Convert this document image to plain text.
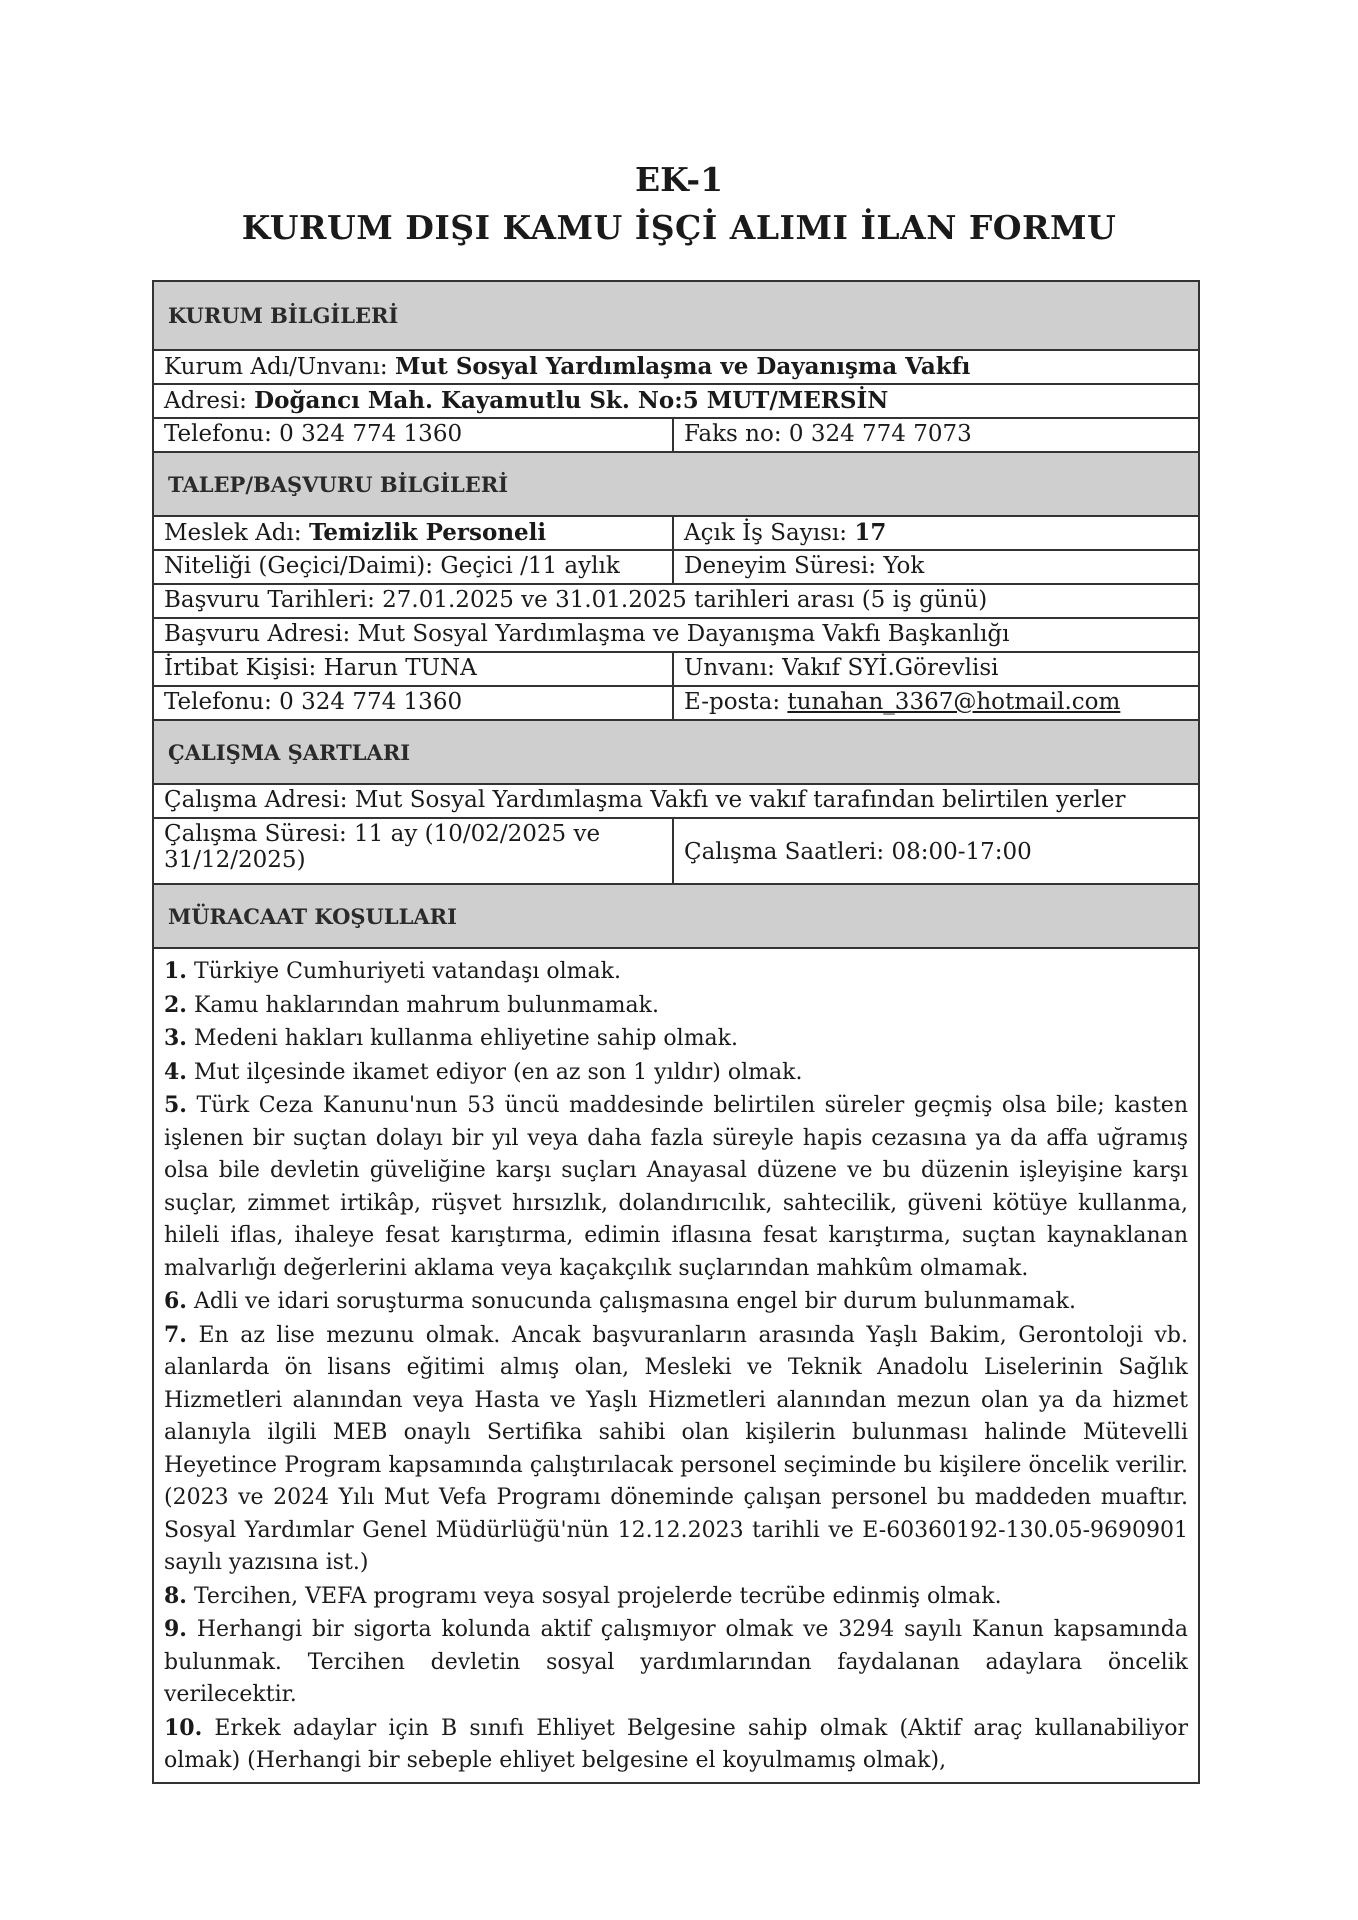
EK-1
KURUM DIŞI KAMU İŞÇİ ALIMI İLAN FORMU
KURUM BİLGİLERİ
Kurum Adı/Unvanı: Mut Sosyal Yardımlaşma ve Dayanışma Vakfı
Adresi: Doğancı Mah. Kayamutlu Sk. No:5 MUT/MERSİN
Telefonu: 0 324 774 1360	Faks no: 0 324 774 7073
TALEP/BAŞVURU BİLGİLERİ
Meslek Adı: Temizlik Personeli	Açık İş Sayısı: 17
Niteliği (Geçici/Daimi): Geçici /11 aylık	Deneyim Süresi: Yok
Başvuru Tarihleri: 27.01.2025 ve 31.01.2025 tarihleri arası (5 iş günü)
Başvuru Adresi: Mut Sosyal Yardımlaşma ve Dayanışma Vakfı Başkanlığı
İrtibat Kişisi: Harun TUNA	Unvanı: Vakıf SYİ.Görevlisi
Telefonu: 0 324 774 1360	E-posta: tunahan_3367@hotmail.com
ÇALIŞMA ŞARTLARI
Çalışma Adresi: Mut Sosyal Yardımlaşma Vakfı ve vakıf tarafından belirtilen yerler
Çalışma Süresi: 11 ay (10/02/2025 ve 31/12/2025)	Çalışma Saatleri: 08:00-17:00
MÜRACAAT KOŞULLARI

1. Türkiye Cumhuriyeti vatandaşı olmak.

2. Kamu haklarından mahrum bulunmamak.

3. Medeni hakları kullanma ehliyetine sahip olmak.

4. Mut ilçesinde ikamet ediyor (en az son 1 yıldır) olmak.

5. Türk Ceza Kanunu'nun 53 üncü maddesinde belirtilen süreler geçmiş olsa bile; kasten işlenen bir suçtan dolayı bir yıl veya daha fazla süreyle hapis cezasına ya da affa uğramış olsa bile devletin güveliğine karşı suçları Anayasal düzene ve bu düzenin işleyişine karşı suçlar, zimmet irtikâp, rüşvet hırsızlık, dolandırıcılık, sahtecilik, güveni kötüye kullanma, hileli iflas, ihaleye fesat karıştırma, edimin iflasına fesat karıştırma, suçtan kaynaklanan malvarlığı değerlerini aklama veya kaçakçılık suçlarından mahkûm olmamak.

6. Adli ve idari soruşturma sonucunda çalışmasına engel bir durum bulunmamak.

7. En az lise mezunu olmak. Ancak başvuranların arasında Yaşlı Bakim, Gerontoloji vb. alanlarda ön lisans eğitimi almış olan, Mesleki ve Teknik Anadolu Liselerinin Sağlık Hizmetleri alanından veya Hasta ve Yaşlı Hizmetleri alanından mezun olan ya da hizmet alanıyla ilgili MEB onaylı Sertifika sahibi olan kişilerin bulunması halinde Mütevelli Heyetince Program kapsamında çalıştırılacak personel seçiminde bu kişilere öncelik verilir. (2023 ve 2024 Yılı Mut Vefa Programı döneminde çalışan personel bu maddeden muaftır. Sosyal Yardımlar Genel Müdürlüğü'nün 12.12.2023 tarihli ve E-60360192-130.05-9690901 sayılı yazısına ist.)

8. Tercihen, VEFA programı veya sosyal projelerde tecrübe edinmiş olmak.

9. Herhangi bir sigorta kolunda aktif çalışmıyor olmak ve 3294 sayılı Kanun kapsamında bulunmak. Tercihen devletin sosyal yardımlarından faydalanan adaylara öncelik verilecektir.

10. Erkek adaylar için B sınıfı Ehliyet Belgesine sahip olmak (Aktif araç kullanabiliyor olmak) (Herhangi bir sebeple ehliyet belgesine el koyulmamış olmak),
